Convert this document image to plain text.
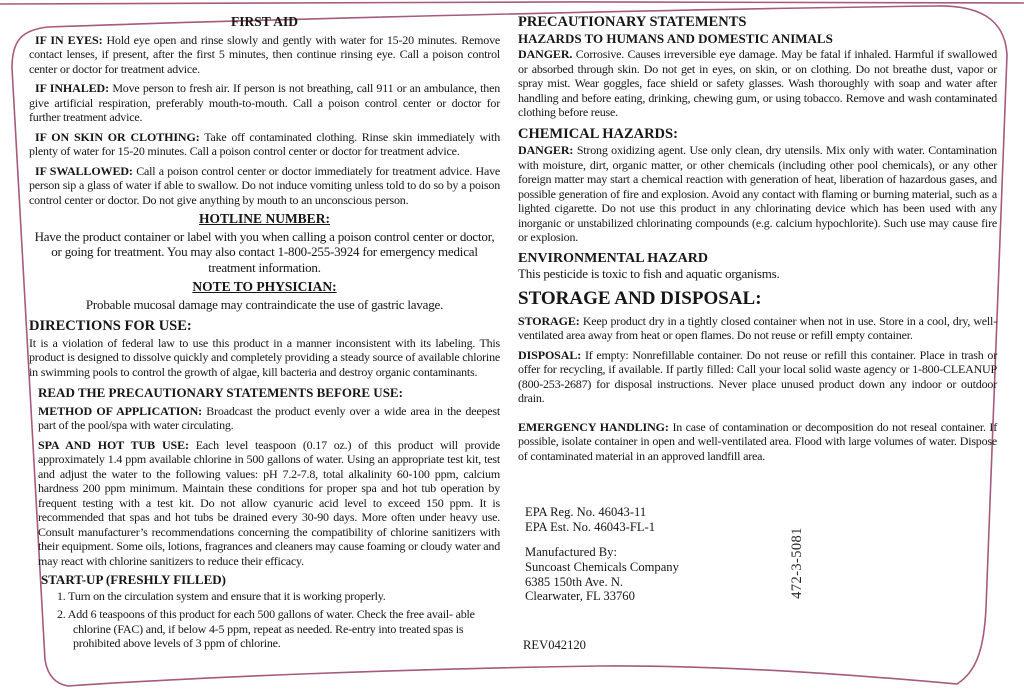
FIRST AID

IF IN EYES: Hold eye open and rinse slowly and gently with water for 15-20 minutes. Remove contact lenses, if present, after the first 5 minutes, then continue rinsing eye. Call a poison control center or doctor for treatment advice.

IF INHALED: Move person to fresh air. If person is not breathing, call 911 or an ambulance, then give artificial respiration, preferably mouth-to-mouth. Call a poison control center or doctor for further treatment advice.

IF ON SKIN OR CLOTHING: Take off contaminated clothing. Rinse skin immediately with plenty of water for 15-20 minutes. Call a poison control center or doctor for treatment advice.

IF SWALLOWED: Call a poison control center or doctor immediately for treatment advice. Have person sip a glass of water if able to swallow. Do not induce vomiting unless told to do so by a poison control center or doctor. Do not give anything by mouth to an unconscious person.

HOTLINE NUMBER:

Have the product container or label with you when calling a poison control center or doctor, or going for treatment. You may also contact 1-800-255-3924 for emergency medical treatment information.

NOTE TO PHYSICIAN:

Probable mucosal damage may contraindicate the use of gastric lavage.

DIRECTIONS FOR USE:

It is a violation of federal law to use this product in a manner inconsistent with its labeling. This product is designed to dissolve quickly and completely providing a steady source of available chlorine in swimming pools to control the growth of algae, kill bacteria and destroy organic contaminants.

READ THE PRECAUTIONARY STATEMENTS BEFORE USE:

METHOD OF APPLICATION: Broadcast the product evenly over a wide area in the deepest part of the pool/spa with water circulating.

SPA AND HOT TUB USE: Each level teaspoon (0.17 oz.) of this product will provide approximately 1.4 ppm available chlorine in 500 gallons of water. Using an appropriate test kit, test and adjust the water to the following values: pH 7.2-7.8, total alkalinity 60-100 ppm, calcium hardness 200 ppm minimum. Maintain these conditions for proper spa and hot tub operation by frequent testing with a test kit. Do not allow cyanuric acid level to exceed 150 ppm. It is recommended that spas and hot tubs be drained every 30-90 days. More often under heavy use. Consult manufacturer’s recommendations concerning the compatibility of chlorine sanitizers with their equipment. Some oils, lotions, fragrances and cleaners may cause foaming or cloudy water and may react with chlorine sanitizers to reduce their efficacy.

START-UP (FRESHLY FILLED)
1. Turn on the circulation system and ensure that it is working properly.
2. Add 6 teaspoons of this product for each 500 gallons of water. Check the free avail- able chlorine (FAC) and, if below 4-5 ppm, repeat as needed. Re-entry into treated spas is prohibited above levels of 3 ppm of chlorine.
PRECAUTIONARY STATEMENTS
HAZARDS TO HUMANS AND DOMESTIC ANIMALS

DANGER. Corrosive. Causes irreversible eye damage. May be fatal if inhaled. Harmful if swallowed or absorbed through skin. Do not get in eyes, on skin, or on clothing. Do not breathe dust, vapor or spray mist. Wear goggles, face shield or safety glasses. Wash thoroughly with soap and water after handling and before eating, drinking, chewing gum, or using tobacco. Remove and wash contaminated clothing before reuse.

CHEMICAL HAZARDS:

DANGER: Strong oxidizing agent. Use only clean, dry utensils. Mix only with water. Contamination with moisture, dirt, organic matter, or other chemicals (including other pool chemicals), or any other foreign matter may start a chemical reaction with generation of heat, liberation of hazardous gases, and possible generation of fire and explosion. Avoid any contact with flaming or burning material, such as a lighted cigarette. Do not use this product in any chlorinating device which has been used with any inorganic or unstabilized chlorinating compounds (e.g. calcium hypochlorite). Such use may cause fire or explosion.

ENVIRONMENTAL HAZARD

This pesticide is toxic to fish and aquatic organisms.

STORAGE AND DISPOSAL:

STORAGE: Keep product dry in a tightly closed container when not in use. Store in a cool, dry, well-ventilated area away from heat or open flames. Do not reuse or refill empty container.

DISPOSAL: If empty: Nonrefillable container. Do not reuse or refill this container. Place in trash or offer for recycling, if available. If partly filled: Call your local solid waste agency or 1-800-CLEANUP (800-253-2687) for disposal instructions. Never place unused product down any indoor or outdoor drain.

EMERGENCY HANDLING: In case of contamination or decomposition do not reseal container. If possible, isolate container in open and well-ventilated area. Flood with large volumes of water. Dispose of contaminated material in an approved landfill area.

EPA Reg. No. 46043-11
EPA Est. No. 46043-FL-1
Manufactured By:
Suncoast Chemicals Company
6385 150th Ave. N.
Clearwater, FL 33760
REV042120
472-3-5081
